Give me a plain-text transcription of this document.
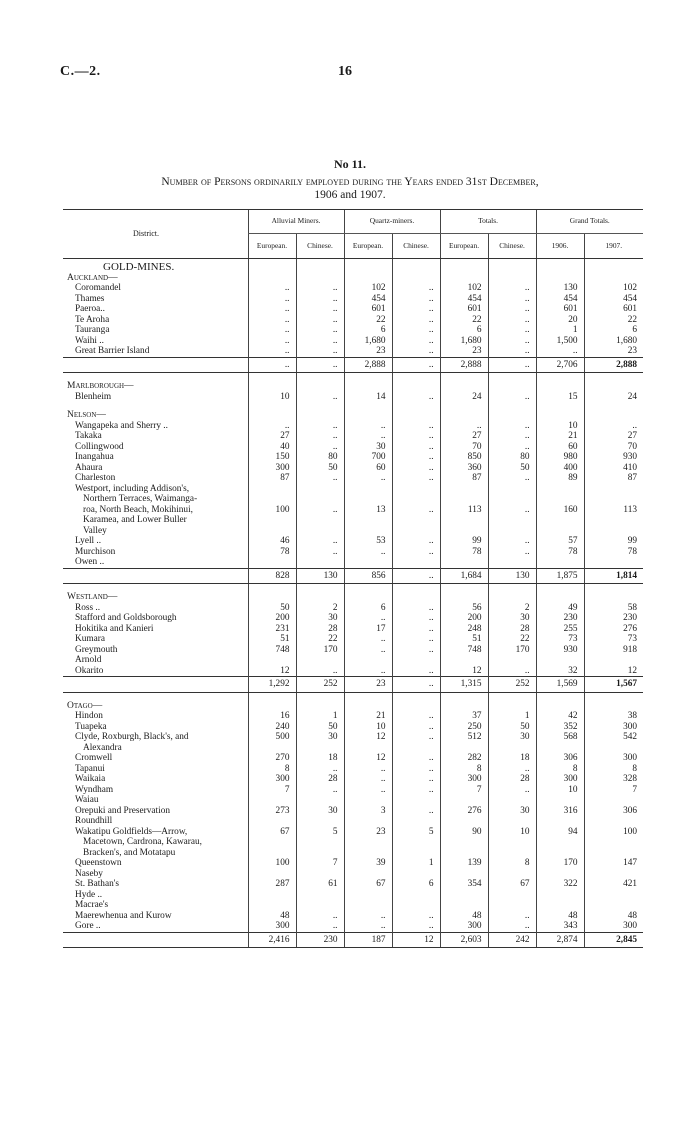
C.—2.	16
No 11.
Number of Persons ordinarily employed during the Years ended 31st December,
1906 and 1907.
District.	Alluvial Miners.		Quartz-miners.		Totals.		Grand Totals.	
	European.	Chinese.	European.	Chinese.	European.	Chinese.	1906.	1907.
GOLD-MINES.								
Auckland—								
Coromandel	..	..	102	..	102	..	130	102
Thames	..	..	454	..	454	..	454	454
Paeroa..	..	..	601	..	601	..	601	601
Te Aroha	..	..	22	..	22	..	20	22
Tauranga	..	..	6	..	6	..	1	6
Waihi ..	..	..	1,680	..	1,680	..	1,500	1,680
Great Barrier Island	..	..	23	..	23	..	..	23
	..	..	2,888	..	2,888	..	2,706	2,888

Marlborough—								
Blenheim	10	..	14	..	24	..	15	24

Nelson—								
Wangapeka and Sherry ..	..	..	..	..	..	..	10	..
Takaka	27	..	..	..	27	..	21	27
Collingwood	40	..	30	..	70	..	60	70
Inangahua	150	80	700	..	850	80	980	930
Ahaura	300	50	60	..	360	50	400	410
Charleston	87	..	..	..	87	..	89	87
Westport, including Addison's,								
Northern Terraces, Waimanga-								
roa, North Beach, Mokihinui,	100	..	13	..	113	..	160	113
Karamea, and Lower Buller								
Valley								
Lyell ..	46	..	53	..	99	..	57	99
Murchison	78	..	..	..	78	..	78	78
Owen ..								
	828	130	856	..	1,684	130	1,875	1,814

Westland—								
Ross ..	50	2	6	..	56	2	49	58
Stafford and Goldsborough	200	30	..	..	200	30	230	230
Hokitika and Kanieri	231	28	17	..	248	28	255	276
Kumara	51	22	..	..	51	22	73	73
Greymouth	748	170	..	..	748	170	930	918
Arnold								
Okarito	12	..	..	..	12	..	32	12
	1,292	252	23	..	1,315	252	1,569	1,567

Otago—								
Hindon	16	1	21	..	37	1	42	38
Tuapeka	240	50	10	..	250	50	352	300
Clyde, Roxburgh, Black's, and	500	30	12	..	512	30	568	542
Alexandra								
Cromwell	270	18	12	..	282	18	306	300
Tapanui	8	..	..	..	8	..	8	8
Waikaia	300	28	..	..	300	28	300	328
Wyndham	7	..	..	..	7	..	10	7
Waiau								
Orepuki and Preservation	273	30	3	..	276	30	316	306
Roundhill								
Wakatipu Goldfields—Arrow,	67	5	23	5	90	10	94	100
Macetown, Cardrona, Kawarau,								
Bracken's, and Motatapu								
Queenstown	100	7	39	1	139	8	170	147
Naseby								
St. Bathan's	287	61	67	6	354	67	322	421
Hyde ..								
Macrae's								
Maerewhenua and Kurow	48	..	..	..	48	..	48	48
Gore ..	300	..	..	..	300	..	343	300
	2,416	230	187	12	2,603	242	2,874	2,845
